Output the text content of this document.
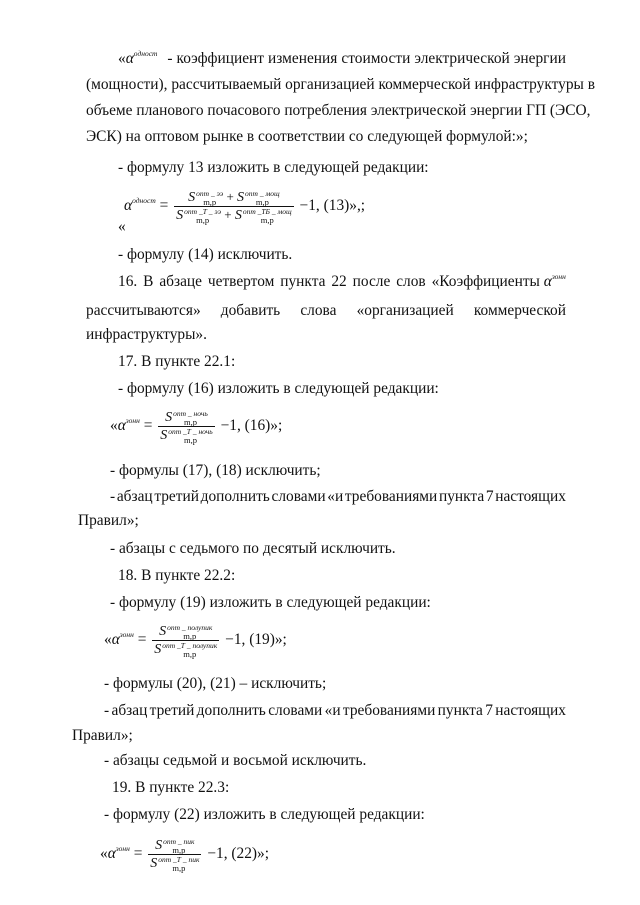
«$\alpha^{одност}$ - коэффициент изменения стоимости электрической энергии
(мощности), рассчитываемый организацией коммерческой инфраструктуры в
объеме планового почасового потребления электрической энергии ГП (ЭСО,
ЭСК) на оптовом рынке в соответствии со следующей формулой:»;
- формулу 13 изложить в следующей редакции:
$\alpha^{одност} = S$ опт _ ээ
m,p + S опт _ мощ
m,p
S опт _Т _ ээ
m,p	+ S опт _ТБ _ мощ
m,p −1, (13)»,;
«
- формулу (14) исключить.
16. В абзаце четвертом пункта 22 после слов «Коэффициенты $\alpha^{зонн}$
рассчитываются» добавить слова «организацией коммерческой
инфраструктуры».
17. В пункте 22.1:
- формулу (16) изложить в следующей редакции:
«$\alpha^{зонн} = S$ опт _ ночь
m,p
S опт _Т _ ночь
m,p −1, (16)»;
- формулы (17), (18) исключить;
- абзац третий дополнить словами «и требованиями пункта 7 настоящих
Правил»;
- абзацы с седьмого по десятый исключить.
18. В пункте 22.2:
- формулу (19) изложить в следующей редакции:
«$\alpha^{зонн} = S$ опт _ полупик
m,p
S опт _Т _ полупик
m,p −1, (19)»;
- формулы (20), (21) – исключить;
- абзац третий дополнить словами «и требованиями пункта 7 настоящих
Правил»;
- абзацы седьмой и восьмой исключить.
19. В пункте 22.3:
- формулу (22) изложить в следующей редакции:
«$\alpha^{зонн} = S$ опт _ пик
m,p
S опт _Т _ пик
m,p −1, (22)»;
